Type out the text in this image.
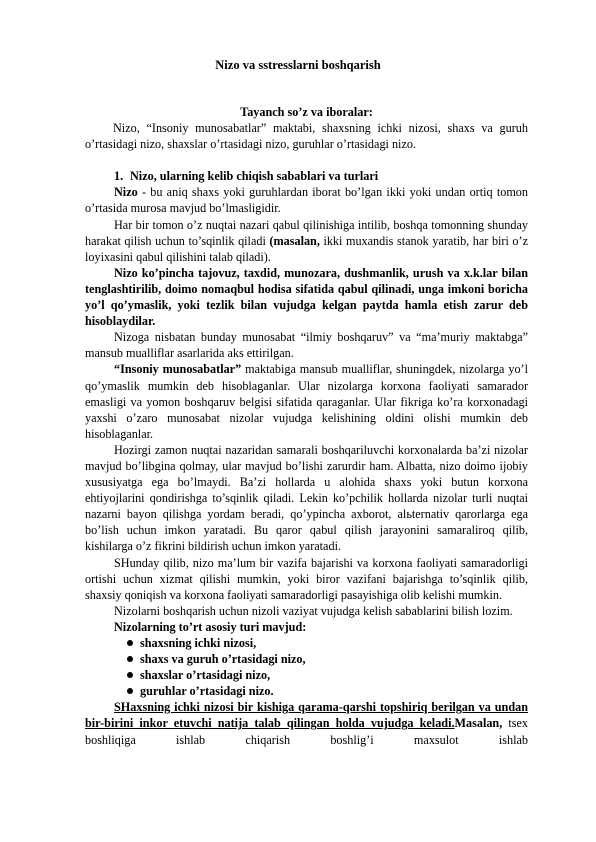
Nizo va sstresslarni boshqarish

Tayanch so’z va iboralar:

Nizo, “Insoniy munosabatlar” maktabi, shaxsning ichki nizosi, shaxs va guruh o’rtasidagi nizo, shaxslar o’rtasidagi nizo, guruhlar o’rtasidagi nizo.

1. Nizo, ularning kelib chiqish sabablari va turlari

Nizo - bu aniq shaxs yoki guruhlardan iborat bo’lgan ikki yoki undan ortiq tomon o’rtasida murosa mavjud bo’lmasligidir.

Har bir tomon o’z nuqtai nazari qabul qilinishiga intilib, boshqa tomonning shunday harakat qilish uchun to’sqinlik qiladi (masalan, ikki muxandis stanok yaratib, har biri o’z loyixasini qabul qilishini talab qiladi).

Nizo ko’pincha tajovuz, taxdid, munozara, dushmanlik, urush va x.k.lar bilan tenglashtirilib, doimo nomaqbul hodisa sifatida qabul qilinadi, unga imkoni boricha yo’l qo’ymaslik, yoki tezlik bilan vujudga kelgan paytda hamla etish zarur deb hisoblaydilar.

Nizoga nisbatan bunday munosabat “ilmiy boshqaruv” va “ma’muriy maktabga” mansub mualliflar asarlarida aks ettirilgan.

“Insoniy munosabatlar” maktabiga mansub mualliflar, shuningdek, nizolarga yo’l qo’ymaslik mumkin deb hisoblaganlar. Ular nizolarga korxona faoliyati samarador emasligi va yomon boshqaruv belgisi sifatida qaraganlar. Ular fikriga ko’ra korxonadagi yaxshi o’zaro munosabat nizolar vujudga kelishining oldini olishi mumkin deb hisoblaganlar.

Hozirgi zamon nuqtai nazaridan samarali boshqariluvchi korxonalarda ba’zi nizolar mavjud bo’libgina qolmay, ular mavjud bo’lishi zarurdir ham. Albatta, nizo doimo ijobiy xususiyatga ega bo’lmaydi. Ba’zi hollarda u alohida shaxs yoki butun korxona ehtiyojlarini qondirishga to’sqinlik qiladi. Lekin ko’pchilik hollarda nizolar turli nuqtai nazarni bayon qilishga yordam beradi, qo’ypincha axborot, alьternativ qarorlarga ega bo’lish uchun imkon yaratadi. Bu qaror qabul qilish jarayonini samaraliroq qilib, kishilarga o’z fikrini bildirish uchun imkon yaratadi.

SHunday qilib, nizo ma’lum bir vazifa bajarishi va korxona faoliyati samaradorligi ortishi uchun xizmat qilishi mumkin, yoki biror vazifani bajarishga to’sqinlik qilib, shaxsiy qoniqish va korxona faoliyati samaradorligi pasayishiga olib kelishi mumkin.

Nizolarni boshqarish uchun nizoli vaziyat vujudga kelish sabablarini bilish lozim.

Nizolarning to’rt asosiy turi mavjud:

shaxsning ichki nizosi,
shaxs va guruh o’rtasidagi nizo,
shaxslar o’rtasidagi nizo,
guruhlar o’rtasidagi nizo.

SHaxsning ichki nizosi bir kishiga qarama-qarshi topshiriq berilgan va undan bir-birini inkor etuvchi natija talab qilingan holda vujudga keladi.Masalan, tsex boshliqiga ishlab chiqarish boshlig’i maxsulot ishlab
